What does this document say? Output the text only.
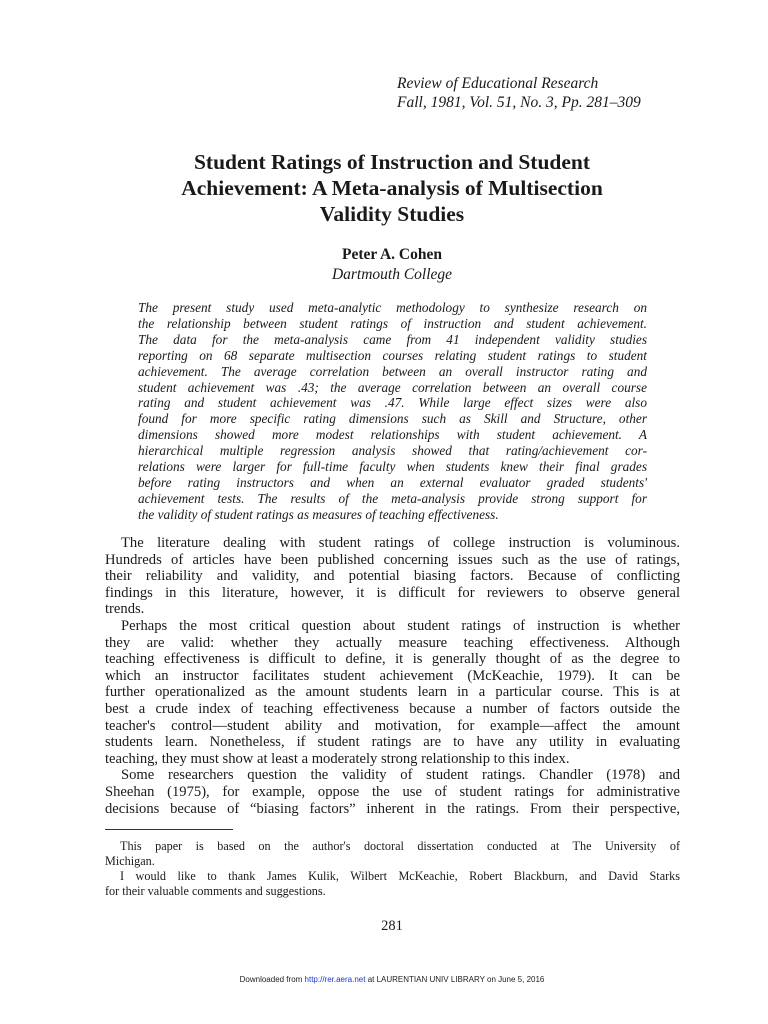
Review of Educational Research
Fall, 1981, Vol. 51, No. 3, Pp. 281–309
Student Ratings of Instruction and Student
Achievement: A Meta-analysis of Multisection
Validity Studies
Peter A. Cohen
Dartmouth College
The present study used meta-analytic methodology to synthesize research on
the relationship between student ratings of instruction and student achievement.
The data for the meta-analysis came from 41 independent validity studies
reporting on 68 separate multisection courses relating student ratings to student
achievement. The average correlation between an overall instructor rating and
student achievement was .43; the average correlation between an overall course
rating and student achievement was .47. While large effect sizes were also
found for more specific rating dimensions such as Skill and Structure, other
dimensions showed more modest relationships with student achievement. A
hierarchical multiple regression analysis showed that rating/achievement cor-
relations were larger for full-time faculty when students knew their final grades
before rating instructors and when an external evaluator graded students'
achievement tests. The results of the meta-analysis provide strong support for
the validity of student ratings as measures of teaching effectiveness.
The literature dealing with student ratings of college instruction is voluminous.
Hundreds of articles have been published concerning issues such as the use of ratings,
their reliability and validity, and potential biasing factors. Because of conflicting
findings in this literature, however, it is difficult for reviewers to observe general
trends.
Perhaps the most critical question about student ratings of instruction is whether
they are valid: whether they actually measure teaching effectiveness. Although
teaching effectiveness is difficult to define, it is generally thought of as the degree to
which an instructor facilitates student achievement (McKeachie, 1979). It can be
further operationalized as the amount students learn in a particular course. This is at
best a crude index of teaching effectiveness because a number of factors outside the
teacher's control—student ability and motivation, for example—affect the amount
students learn. Nonetheless, if student ratings are to have any utility in evaluating
teaching, they must show at least a moderately strong relationship to this index.
Some researchers question the validity of student ratings. Chandler (1978) and
Sheehan (1975), for example, oppose the use of student ratings for administrative
decisions because of “biasing factors” inherent in the ratings. From their perspective,
This paper is based on the author's doctoral dissertation conducted at The University of
Michigan.
I would like to thank James Kulik, Wilbert McKeachie, Robert Blackburn, and David Starks
for their valuable comments and suggestions.
281
Downloaded from http://rer.aera.net at LAURENTIAN UNIV LIBRARY on June 5, 2016
